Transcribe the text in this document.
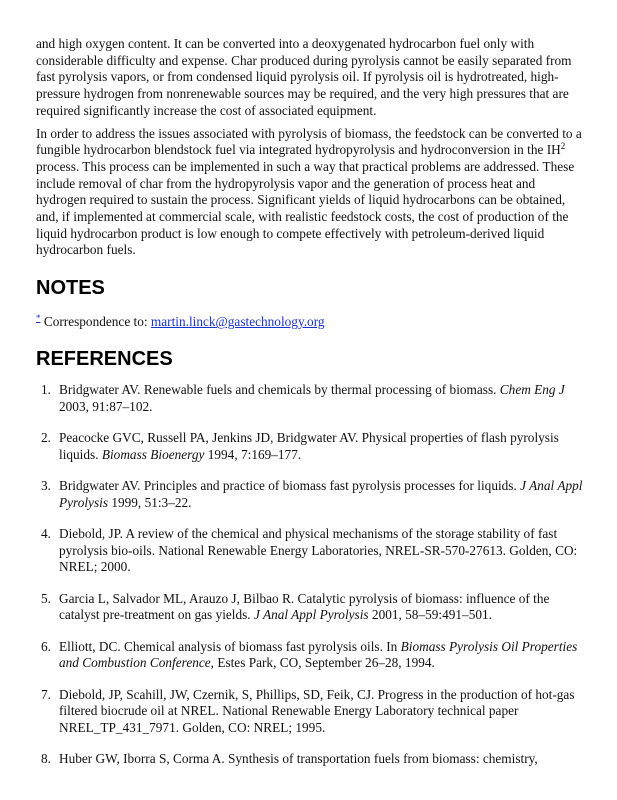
and high oxygen content. It can be converted into a deoxygenated hydrocarbon fuel only with considerable difficulty and expense. Char produced during pyrolysis cannot be easily separated from fast pyrolysis vapors, or from condensed liquid pyrolysis oil. If pyrolysis oil is hydrotreated, high-pressure hydrogen from nonrenewable sources may be required, and the very high pressures that are required significantly increase the cost of associated equipment.

In order to address the issues associated with pyrolysis of biomass, the feedstock can be converted to a fungible hydrocarbon blendstock fuel via integrated hydropyrolysis and hydroconversion in the $IH^2$ process. This process can be implemented in such a way that practical problems are addressed. These include removal of char from the hydropyrolysis vapor and the generation of process heat and hydrogen required to sustain the process. Significant yields of liquid hydrocarbons can be obtained, and, if implemented at commercial scale, with realistic feedstock costs, the cost of production of the liquid hydrocarbon product is low enough to compete effectively with petroleum-derived liquid hydrocarbon fuels.

NOTES
* Correspondence to: martin.linck@gastechnology.org
REFERENCES
1. Bridgwater AV. Renewable fuels and chemicals by thermal processing of biomass. Chem Eng J 2003, 91:87–102.
2. Peacocke GVC, Russell PA, Jenkins JD, Bridgwater AV. Physical properties of flash pyrolysis liquids. Biomass Bioenergy 1994, 7:169–177.
3. Bridgwater AV. Principles and practice of biomass fast pyrolysis processes for liquids. J Anal Appl Pyrolysis 1999, 51:3–22.
4. Diebold, JP. A review of the chemical and physical mechanisms of the storage stability of fast pyrolysis bio-oils. National Renewable Energy Laboratories, NREL-SR-570-27613. Golden, CO: NREL; 2000.
5. Garcia L, Salvador ML, Arauzo J, Bilbao R. Catalytic pyrolysis of biomass: influence of the catalyst pre-treatment on gas yields. J Anal Appl Pyrolysis 2001, 58–59:491–501.
6. Elliott, DC. Chemical analysis of biomass fast pyrolysis oils. In Biomass Pyrolysis Oil Properties and Combustion Conference, Estes Park, CO, September 26–28, 1994.
7. Diebold, JP, Scahill, JW, Czernik, S, Phillips, SD, Feik, CJ. Progress in the production of hot-gas filtered biocrude oil at NREL. National Renewable Energy Laboratory technical paper NREL_TP_431_7971. Golden, CO: NREL; 1995.
8. Huber GW, Iborra S, Corma A. Synthesis of transportation fuels from biomass: chemistry,
